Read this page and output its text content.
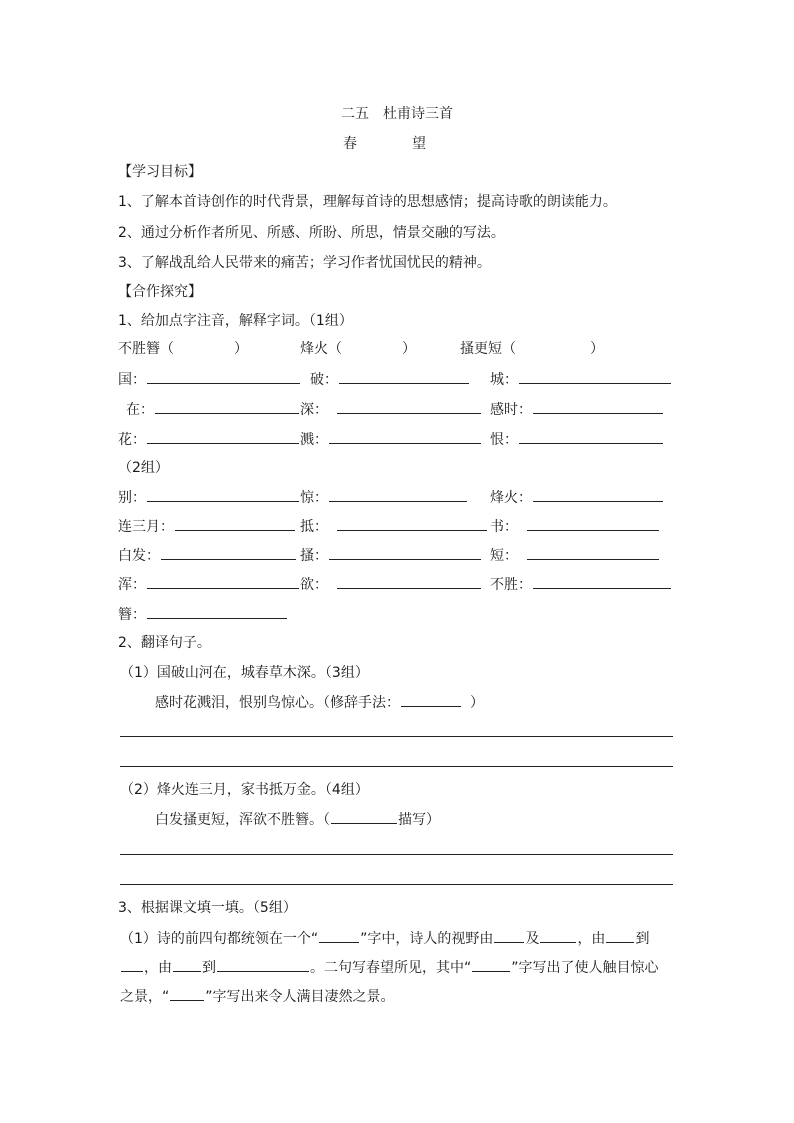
二五　杜甫诗三首
春	望
【学习目标】
1、了解本首诗创作的时代背景，理解每首诗的思想感情；提高诗歌的朗读能力。
2、通过分析作者所见、所感、所盼、所思，情景交融的写法。
3、了解战乱给人民带来的痛苦；学习作者忧国忧民的精神。
【合作探究】
1、给加点字注音，解释字词。（1组）
不胜簪（	）	烽火（	）	搔更短（	）
国：	破：	城：
在：	深：	感时：
花：	溅：	恨：
（2组）
别：	惊：	烽火：
连三月：	抵：	书：
白发：	搔：	短：
浑：	欲：	不胜：
簪：
2、翻译句子。
（1）国破山河在，城春草木深。（3组）
感时花溅泪，恨别鸟惊心。（修辞手法：	）
（2）烽火连三月，家书抵万金。（4组）
白发搔更短，浑欲不胜簪。（	描写）
3、根据课文填一填。（5组）
（1）诗的前四句都统领在一个“	”字中，诗人的视野由 及	，由 到
，由 到	。二句写春望所见，其中“	”字写出了使人触目惊心
之景，“	”字写出来令人满目凄然之景。
